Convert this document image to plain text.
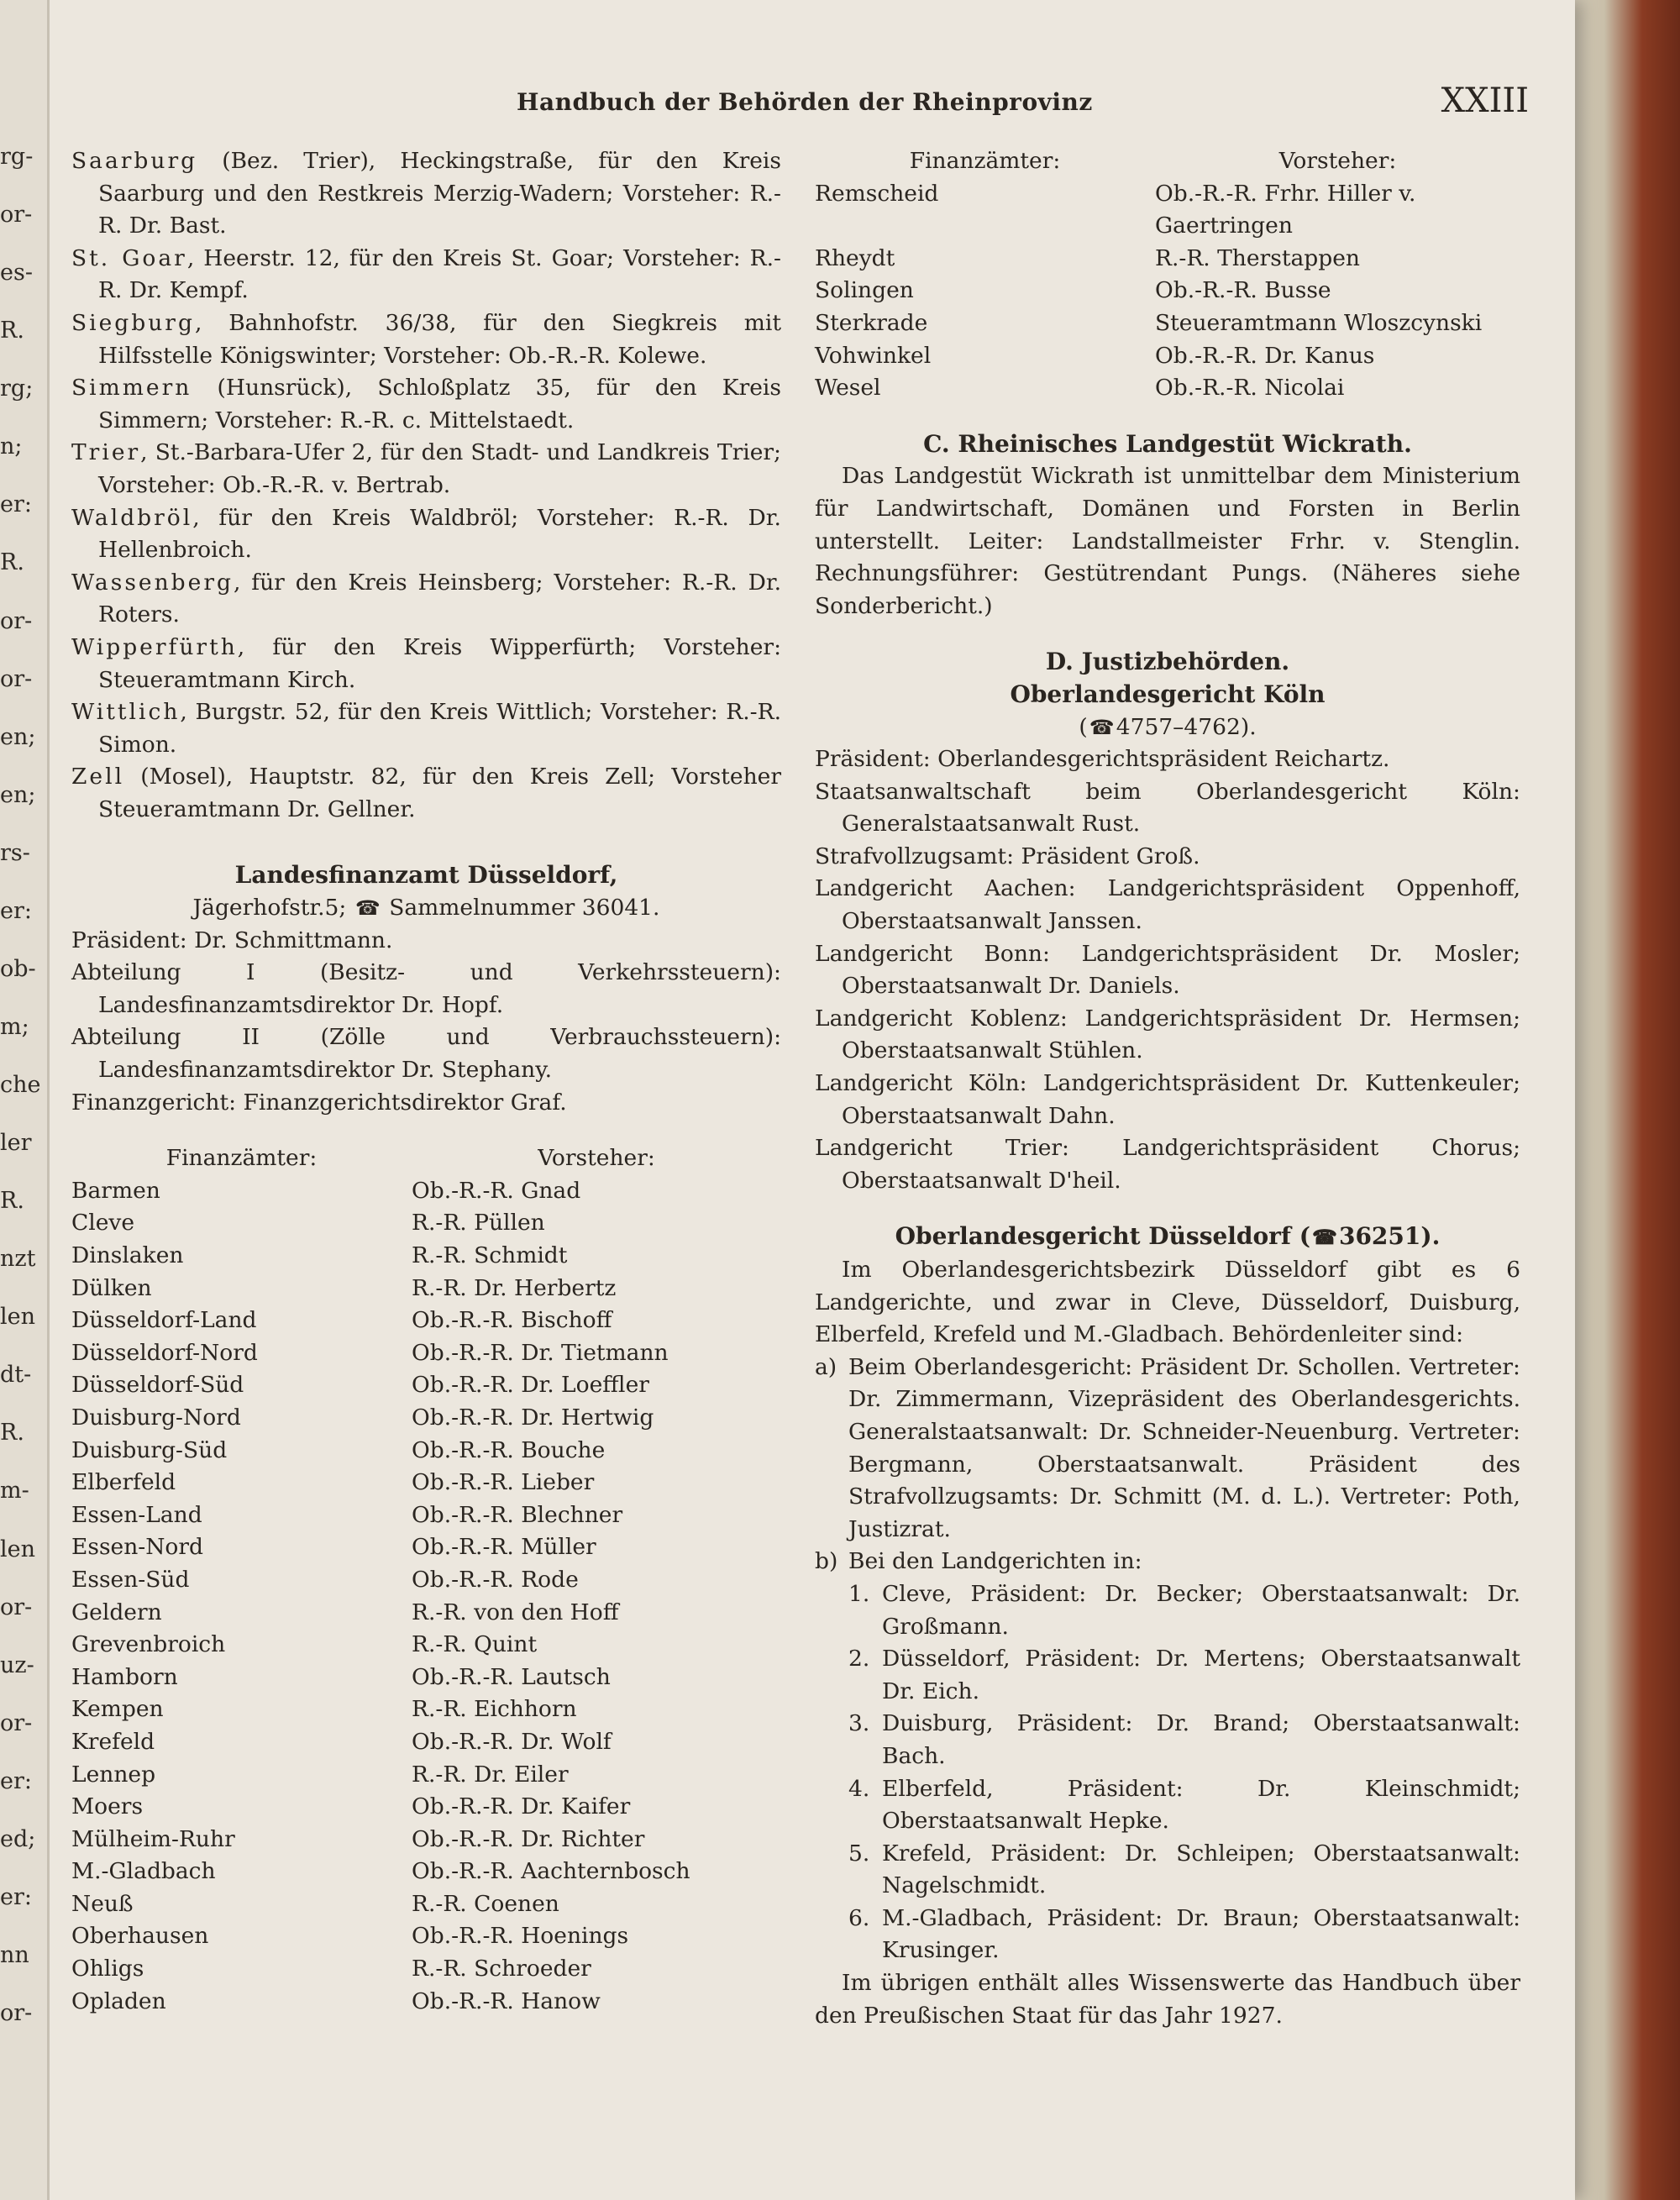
rg-
or-
es-
R.
rg;
n;
er:
R.
or-
or-
en;
en;
rs-
er:
ob-
m;
che
ler
R.
nzt
len
dt-
R.
m-
len
or-
uz-
or-
er:
ed;
er:
nn
or-
Handbuch der Behörden der Rheinprovinz	XXIII

Saarburg (Bez. Trier), Heckingstraße, für den Kreis Saarburg und den Restkreis Merzig-Wadern; Vorsteher: R.-R. Dr. Bast.

St. Goar, Heerstr. 12, für den Kreis St. Goar; Vorsteher: R.-R. Dr. Kempf.

Siegburg, Bahnhofstr. 36/38, für den Siegkreis mit Hilfsstelle Königswinter; Vorsteher: Ob.-R.-R. Kolewe.

Simmern (Hunsrück), Schloßplatz 35, für den Kreis Simmern; Vorsteher: R.-R. c. Mittelstaedt.

Trier, St.-Barbara-Ufer 2, für den Stadt- und Landkreis Trier; Vorsteher: Ob.-R.-R. v. Bertrab.

Waldbröl, für den Kreis Waldbröl; Vorsteher: R.-R. Dr. Hellenbroich.

Wassenberg, für den Kreis Heinsberg; Vorsteher: R.-R. Dr. Roters.

Wipperfürth, für den Kreis Wipperfürth; Vorsteher: Steueramtmann Kirch.

Wittlich, Burgstr. 52, für den Kreis Wittlich; Vorsteher: R.-R. Simon.

Zell (Mosel), Hauptstr. 82, für den Kreis Zell; Vorsteher Steueramtmann Dr. Gellner.

Landesfinanzamt Düsseldorf,

Jägerhofstr.5; ☎ Sammelnummer 36041.

Präsident: Dr. Schmittmann.

Abteilung I (Besitz- und Verkehrssteuern): Landesfinanzamtsdirektor Dr. Hopf.

Abteilung II (Zölle und Verbrauchssteuern): Landesfinanzamtsdirektor Dr. Stephany.

Finanzgericht: Finanzgerichtsdirektor Graf.

Finanzämter:	Vorsteher:
Barmen	Ob.-R.-R. Gnad
Cleve	R.-R. Püllen
Dinslaken	R.-R. Schmidt
Dülken	R.-R. Dr. Herbertz
Düsseldorf-Land	Ob.-R.-R. Bischoff
Düsseldorf-Nord	Ob.-R.-R. Dr. Tietmann
Düsseldorf-Süd	Ob.-R.-R. Dr. Loeffler
Duisburg-Nord	Ob.-R.-R. Dr. Hertwig
Duisburg-Süd	Ob.-R.-R. Bouche
Elberfeld	Ob.-R.-R. Lieber
Essen-Land	Ob.-R.-R. Blechner
Essen-Nord	Ob.-R.-R. Müller
Essen-Süd	Ob.-R.-R. Rode
Geldern	R.-R. von den Hoff
Grevenbroich	R.-R. Quint
Hamborn	Ob.-R.-R. Lautsch
Kempen	R.-R. Eichhorn
Krefeld	Ob.-R.-R. Dr. Wolf
Lennep	R.-R. Dr. Eiler
Moers	Ob.-R.-R. Dr. Kaifer
Mülheim-Ruhr	Ob.-R.-R. Dr. Richter
M.-Gladbach	Ob.-R.-R. Aachternbosch
Neuß	R.-R. Coenen
Oberhausen	Ob.-R.-R. Hoenings
Ohligs	R.-R. Schroeder
Opladen	Ob.-R.-R. Hanow
Finanzämter:	Vorsteher:
Remscheid	Ob.-R.-R. Frhr. Hiller v. Gaertringen
Rheydt	R.-R. Therstappen
Solingen	Ob.-R.-R. Busse
Sterkrade	Steueramtmann Wloszcynski
Vohwinkel	Ob.-R.-R. Dr. Kanus
Wesel	Ob.-R.-R. Nicolai

C. Rheinisches Landgestüt Wickrath.

Das Landgestüt Wickrath ist unmittelbar dem Ministerium für Landwirtschaft, Domänen und Forsten in Berlin unterstellt. Leiter: Landstallmeister Frhr. v. Stenglin. Rechnungsführer: Gestütrendant Pungs. (Näheres siehe Sonderbericht.)

D. Justizbehörden.

Oberlandesgericht Köln

(☎4757–4762).

Präsident: Oberlandesgerichtspräsident Reichartz.

Staatsanwaltschaft beim Oberlandesgericht Köln: Generalstaatsanwalt Rust.

Strafvollzugsamt: Präsident Groß.

Landgericht Aachen: Landgerichtspräsident Oppenhoff, Oberstaatsanwalt Janssen.

Landgericht Bonn: Landgerichtspräsident Dr. Mosler; Oberstaatsanwalt Dr. Daniels.

Landgericht Koblenz: Landgerichtspräsident Dr. Hermsen; Oberstaatsanwalt Stühlen.

Landgericht Köln: Landgerichtspräsident Dr. Kuttenkeuler; Oberstaatsanwalt Dahn.

Landgericht Trier: Landgerichtspräsident Chorus; Oberstaatsanwalt D'heil.

Oberlandesgericht Düsseldorf (☎36251).

Im Oberlandesgerichtsbezirk Düsseldorf gibt es 6 Landgerichte, und zwar in Cleve, Düsseldorf, Duisburg, Elberfeld, Krefeld und M.-Gladbach. Behördenleiter sind:

a) Beim Oberlandesgericht: Präsident Dr. Schollen. Vertreter: Dr. Zimmermann, Vizepräsident des Oberlandesgerichts. Generalstaatsanwalt: Dr. Schneider-Neuenburg. Vertreter: Bergmann, Oberstaatsanwalt. Präsident des Strafvollzugsamts: Dr. Schmitt (M. d. L.). Vertreter: Poth, Justizrat.

b) Bei den Landgerichten in:

1. Cleve, Präsident: Dr. Becker; Oberstaatsanwalt: Dr. Großmann.

2. Düsseldorf, Präsident: Dr. Mertens; Oberstaatsanwalt Dr. Eich.

3. Duisburg, Präsident: Dr. Brand; Oberstaatsanwalt: Bach.

4. Elberfeld, Präsident: Dr. Kleinschmidt; Oberstaatsanwalt Hepke.

5. Krefeld, Präsident: Dr. Schleipen; Oberstaatsanwalt: Nagelschmidt.

6. M.-Gladbach, Präsident: Dr. Braun; Oberstaatsanwalt: Krusinger.

Im übrigen enthält alles Wissenswerte das Handbuch über den Preußischen Staat für das Jahr 1927.
